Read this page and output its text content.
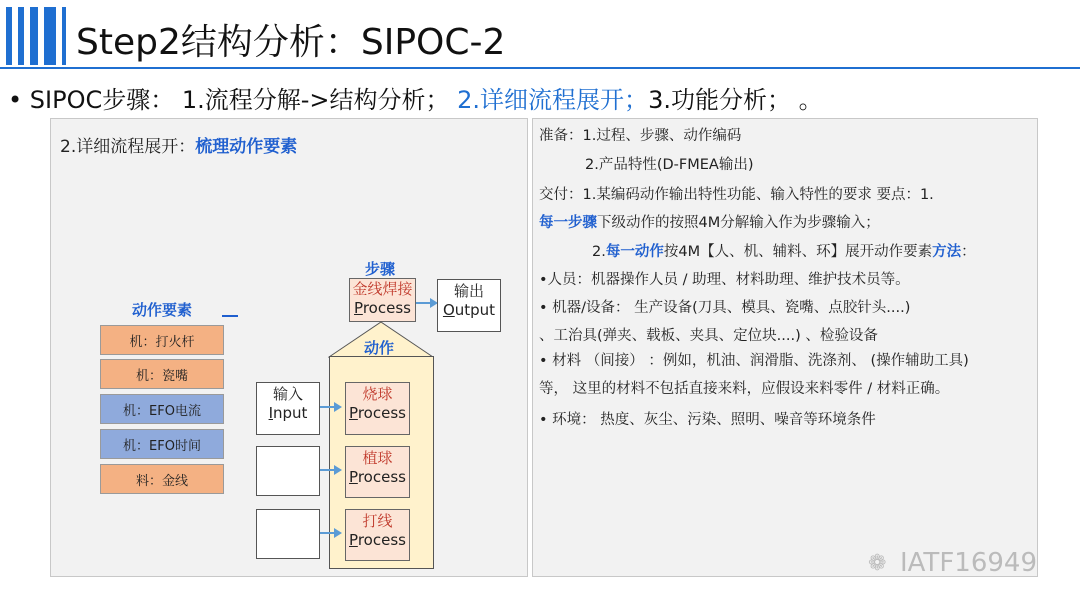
Step2结构分析：SIPOC-2
• SIPOC步骤： 1.流程分解->结构分析； 2.详细流程展开；3.功能分析； 。
2.详细流程展开：梳理动作要素
动作要素
机：打火杆
机：瓷嘴
机：EFO电流
机：EFO时间
料：金线
步骤
金线焊接
Process
输出
Output
动作
输入
Input
烧球
Process
植球
Process
打线
Process
准备：1.过程、步骤、动作编码
2.产品特性(D-FMEA输出)
交付：1.某编码动作输出特性功能、输入特性的要求 要点：1.
每一步骤下级动作的按照4M分解输入作为步骤输入；
2.每一动作按4M【人、机、辅料、环】展开动作要素方法：
•人员：机器操作人员 / 助理、材料助理、维护技术员等。
• 机器/设备： 生产设备(刀具、模具、瓷嘴、点胶针头....)
、工治具(弹夹、载板、夹具、定位块....) 、检验设备
• 材料 （间接） ：例如，机油、润滑脂、洗涤剂、 (操作辅助工具)
等， 这里的材料不包括直接来料，应假设来料零件 / 材料正确。
• 环境： 热度、灰尘、污染、照明、噪音等环境条件
❁ IATF16949
